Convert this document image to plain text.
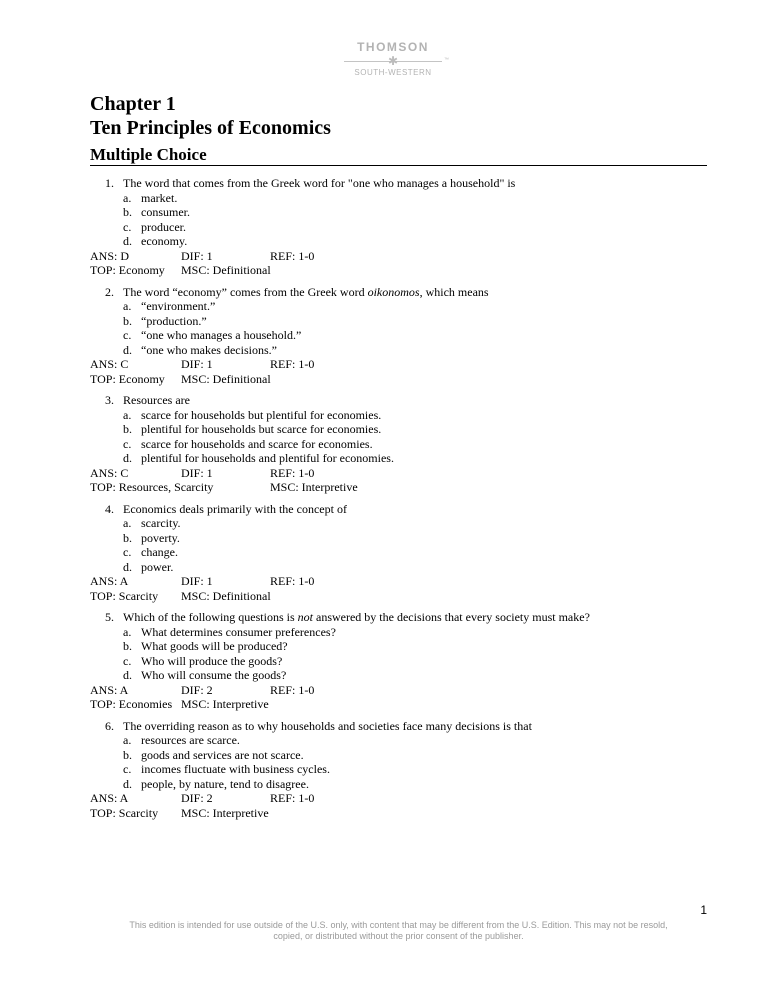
THOMSON
✱	™
SOUTH-WESTERN
Chapter 1
Ten Principles of Economics
Multiple Choice
1. The word that comes from the Greek word for "one who manages a household" is
a. market.
b. consumer.
c. producer.
d. economy.
ANS: D	DIF: 1	REF: 1-0
TOP: Economy MSC: Definitional
2. The word “economy” comes from the Greek word oikonomos, which means
a. “environment.”
b. “production.”
c. “one who manages a household.”
d. “one who makes decisions.”
ANS: C	DIF: 1	REF: 1-0
TOP: Economy MSC: Definitional
3. Resources are
a. scarce for households but plentiful for economies.
b. plentiful for households but scarce for economies.
c. scarce for households and scarce for economies.
d. plentiful for households and plentiful for economies.
ANS: C	DIF: 1	REF: 1-0
TOP: Resources, Scarcity	MSC: Interpretive
4. Economics deals primarily with the concept of
a. scarcity.
b. poverty.
c. change.
d. power.
ANS: A	DIF: 1	REF: 1-0
TOP: Scarcity MSC: Definitional
5. Which of the following questions is not answered by the decisions that every society must make?
a. What determines consumer preferences?
b. What goods will be produced?
c. Who will produce the goods?
d. Who will consume the goods?
ANS: A	DIF: 2	REF: 1-0
TOP: Economies MSC: Interpretive
6. The overriding reason as to why households and societies face many decisions is that
a. resources are scarce.
b. goods and services are not scarce.
c. incomes fluctuate with business cycles.
d. people, by nature, tend to disagree.
ANS: A	DIF: 2	REF: 1-0
TOP: Scarcity MSC: Interpretive
1
This edition is intended for use outside of the U.S. only, with content that may be different from the U.S. Edition. This may not be resold,
copied, or distributed without the prior consent of the publisher.
